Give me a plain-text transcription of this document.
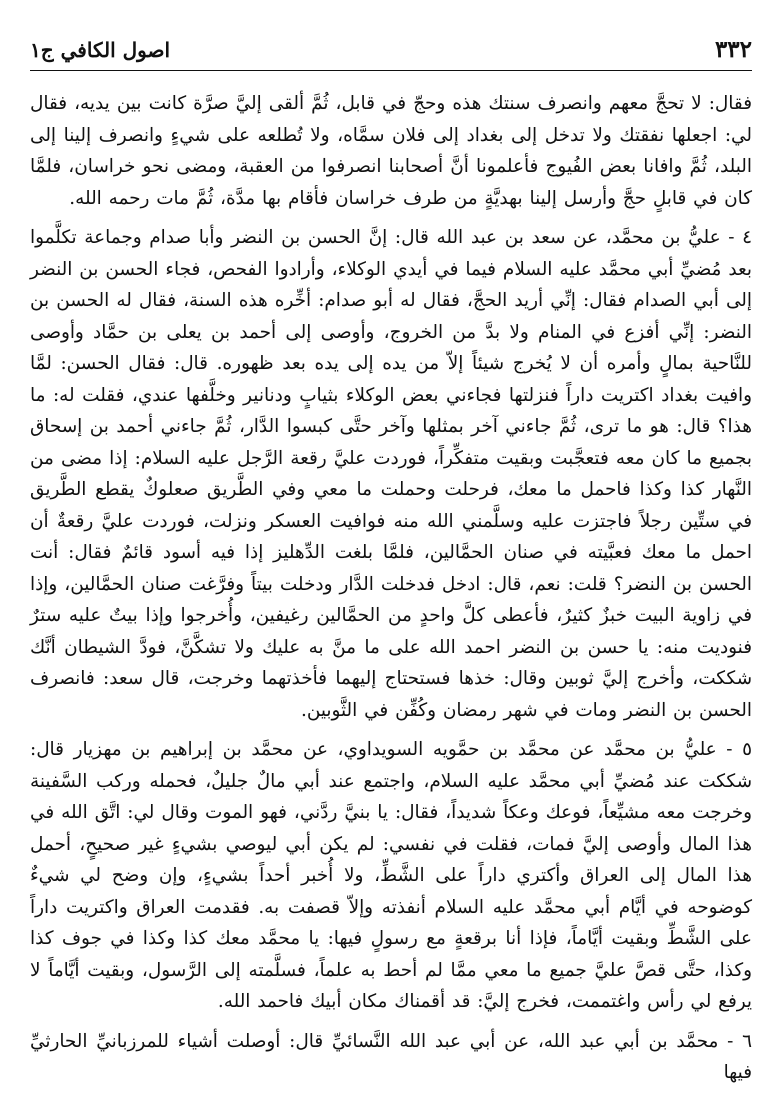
٣٣٢
اصول الكافي ج١

فقال: لا تحجَّ معهم وانصرف سنتك هذه وحجّ في قابل، ثُمَّ ألقى إليَّ صرَّة كانت بين يديه، فقال لي: اجعلها نفقتك ولا تدخل إلى بغداد إلى فلان سمَّاه، ولا تُطلعه على شيءٍ وانصرف إلينا إلى البلد، ثُمَّ وافانا بعض الفُيوج فأعلمونا أنَّ أصحابنا انصرفوا من العقبة، ومضى نحو خراسان، فلمَّا كان في قابلٍ حجَّ وأرسل إلينا بهديَّةٍ من طرف خراسان فأقام بها مدَّة، ثُمَّ مات رحمه الله.

٤ - عليُّ بن محمَّد، عن سعد بن عبد الله قال: إنَّ الحسن بن النضر وأبا صدام وجماعة تكلَّموا بعد مُضيِّ أبي محمَّد عليه السلام فيما في أيدي الوكلاء، وأرادوا الفحص، فجاء الحسن بن النضر إلى أبي الصدام فقال: إنِّي أريد الحجَّ، فقال له أبو صدام: أخِّره هذه السنة، فقال له الحسن بن النضر: إنِّي أفزع في المنام ولا بدَّ من الخروج، وأوصى إلى أحمد بن يعلى بن حمَّاد وأوصى للنَّاحية بمالٍ وأمره أن لا يُخرج شيئاً إلاّ من يده إلى يده بعد ظهوره. قال: فقال الحسن: لمَّا وافيت بغداد اكتريت داراً فنزلتها فجاءني بعض الوكلاء بثيابٍ ودنانير وخلَّفها عندي، فقلت له: ما هذا؟ قال: هو ما ترى، ثُمَّ جاءني آخر بمثلها وآخر حتَّى كبسوا الدَّار، ثُمَّ جاءني أحمد بن إسحاق بجميع ما كان معه فتعجَّبت وبقيت متفكِّراً، فوردت عليَّ رقعة الرَّجل عليه السلام: إذا مضى من النَّهار كذا وكذا فاحمل ما معك، فرحلت وحملت ما معي وفي الطَّريق صعلوكٌ يقطع الطَّريق في ستِّين رجلاً فاجتزت عليه وسلَّمني الله منه فوافيت العسكر ونزلت، فوردت عليَّ رقعةٌ أن احمل ما معك فعبَّيته في صنان الحمَّالين، فلمَّا بلغت الدِّهليز إذا فيه أسود قائمٌ فقال: أنت الحسن بن النضر؟ قلت: نعم، قال: ادخل فدخلت الدَّار ودخلت بيتاً وفرَّغت صنان الحمَّالين، وإذا في زاوية البيت خبزٌ كثيرٌ، فأعطى كلَّ واحدٍ من الحمَّالين رغيفين، وأُخرجوا وإذا بيتٌ عليه سترٌ فنوديت منه: يا حسن بن النضر احمد الله على ما منَّ به عليك ولا تشكَّنَّ، فودَّ الشيطان أنَّك شككت، وأخرج إليَّ ثوبين وقال: خذها فستحتاج إليهما فأخذتهما وخرجت، قال سعد: فانصرف الحسن بن النضر ومات في شهر رمضان وكُفِّن في الثَّوبين.

٥ - عليُّ بن محمَّد عن محمَّد بن حمَّويه السويداوي، عن محمَّد بن إبراهيم بن مهزيار قال: شككت عند مُضيِّ أبي محمَّد عليه السلام، واجتمع عند أبي مالٌ جليلٌ، فحمله وركب السَّفينة وخرجت معه مشيِّعاً، فوعك وعكاً شديداً، فقال: يا بنيَّ ردَّني، فهو الموت وقال لي: اتَّق الله في هذا المال وأوصى إليَّ فمات، فقلت في نفسي: لم يكن أبي ليوصي بشيءٍ غير صحيحٍ، أحمل هذا المال إلى العراق وأكتري داراً على الشَّطِّ، ولا أُخبر أحداً بشيءٍ، وإن وضح لي شيءٌ كوضوحه في أيَّام أبي محمَّد عليه السلام أنفذته وإلاّ قصفت به. فقدمت العراق واكتريت داراً على الشَّطِّ وبقيت أيَّاماً، فإذا أنا برقعةٍ مع رسولٍ فيها: يا محمَّد معك كذا وكذا في جوف كذا وكذا، حتَّى قصَّ عليَّ جميع ما معي ممَّا لم أحط به علماً، فسلَّمته إلى الرَّسول، وبقيت أيَّاماً لا يرفع لي رأس واغتممت، فخرج إليَّ: قد أقمناك مكان أبيك فاحمد الله.

٦ - محمَّد بن أبي عبد الله، عن أبي عبد الله النَّسائيِّ قال: أوصلت أشياء للمرزبانيِّ الحارثيِّ فيها
